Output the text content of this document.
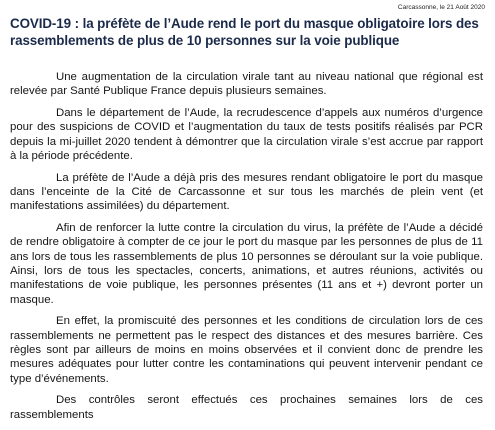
Carcassonne, le 21 Août 2020
COVID-19 : la préfète de l’Aude rend le port du masque obligatoire lors des rassemblements de plus de 10 personnes sur la voie publique

Une augmentation de la circulation virale tant au niveau national que régional est relevée par Santé Publique France depuis plusieurs semaines.

Dans le département de l’Aude, la recrudescence d’appels aux numéros d’urgence pour des suspicions de COVID et l’augmentation du taux de tests positifs réalisés par PCR depuis la mi-juillet 2020 tendent à démontrer que la circulation virale s’est accrue par rapport à la période précédente.

La préfète de l’Aude a déjà pris des mesures rendant obligatoire le port du masque dans l’enceinte de la Cité de Carcassonne et sur tous les marchés de plein vent (et manifestations assimilées) du département.

Afin de renforcer la lutte contre la circulation du virus, la préfète de l’Aude a décidé de rendre obligatoire à compter de ce jour le port du masque par les personnes de plus de 11 ans lors de tous les rassemblements de plus 10 personnes se déroulant sur la voie publique. Ainsi, lors de tous les spectacles, concerts, animations, et autres réunions, activités ou manifestations de voie publique, les personnes présentes (11 ans et +) devront porter un masque.

En effet, la promiscuité des personnes et les conditions de circulation lors de ces rassemblements ne permettent pas le respect des distances et des mesures barrière. Ces règles sont par ailleurs de moins en moins observées et il convient donc de prendre les mesures adéquates pour lutter contre les contaminations qui peuvent intervenir pendant ce type d’événements.

Des contrôles seront effectués ces prochaines semaines lors de ces rassemblements
